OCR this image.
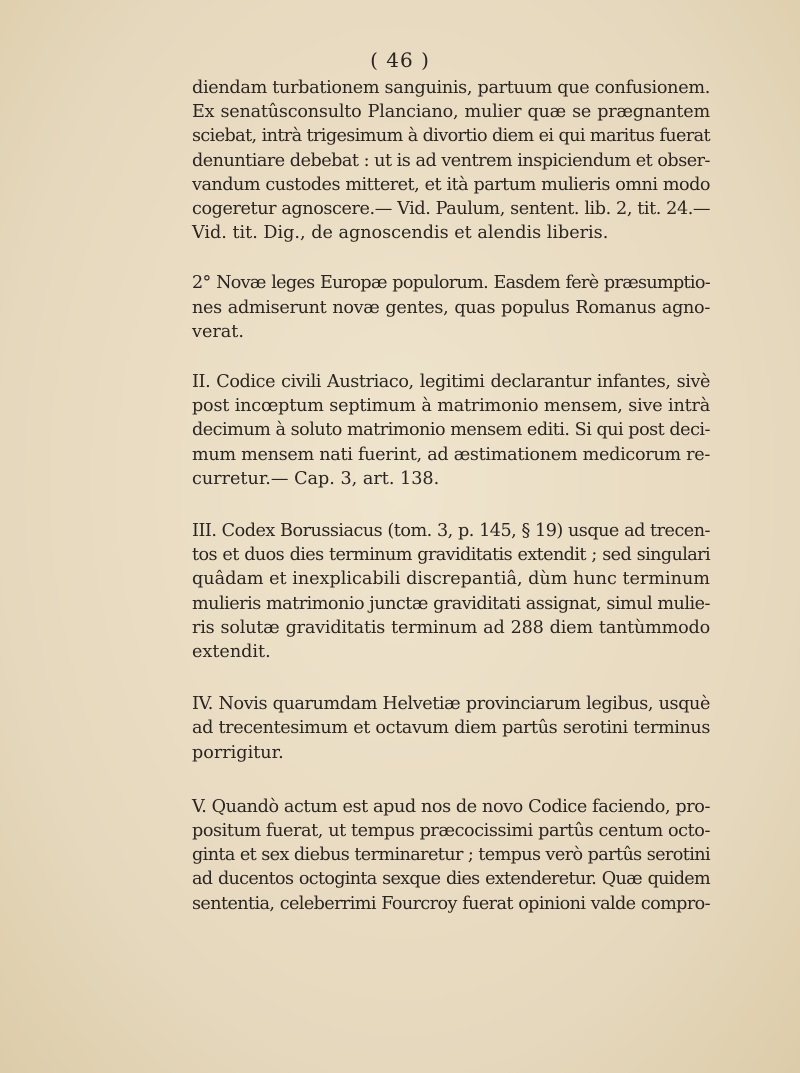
( 46 )

diendam turbationem sanguinis, partuum que confusionem.
Ex senatûsconsulto Planciano, mulier quæ se prægnantem
sciebat, intrà trigesimum à divortio diem ei qui maritus fuerat
denuntiare debebat : ut is ad ventrem inspiciendum et obser-
vandum custodes mitteret, et ità partum mulieris omni modo
cogeretur agnoscere.— Vid. Paulum, sentent. lib. 2, tit. 24.—
Vid. tit. Dig., de agnoscendis et alendis liberis.

2° Novæ leges Europæ populorum. Easdem ferè præsumptio-
nes admiserunt novæ gentes, quas populus Romanus agno-
verat.

II. Codice civili Austriaco, legitimi declarantur infantes, sivè
post incœptum septimum à matrimonio mensem, sive intrà
decimum à soluto matrimonio mensem editi. Si qui post deci-
mum mensem nati fuerint, ad æstimationem medicorum re-
curretur.— Cap. 3, art. 138.

III. Codex Borussiacus (tom. 3, p. 145, § 19) usque ad trecen-
tos et duos dies terminum graviditatis extendit ; sed singulari
quâdam et inexplicabili discrepantiâ, dùm hunc terminum
mulieris matrimonio junctæ graviditati assignat, simul mulie-
ris solutæ graviditatis terminum ad 288 diem tantùmmodo
extendit.

IV. Novis quarumdam Helvetiæ provinciarum legibus, usquè
ad trecentesimum et octavum diem partûs serotini terminus
porrigitur.

V. Quandò actum est apud nos de novo Codice faciendo, pro-
positum fuerat, ut tempus præcocissimi partûs centum octo-
ginta et sex diebus terminaretur ; tempus verò partûs serotini
ad ducentos octoginta sexque dies extenderetur. Quæ quidem
sententia, celeberrimi Fourcroy fuerat opinioni valde compro-
